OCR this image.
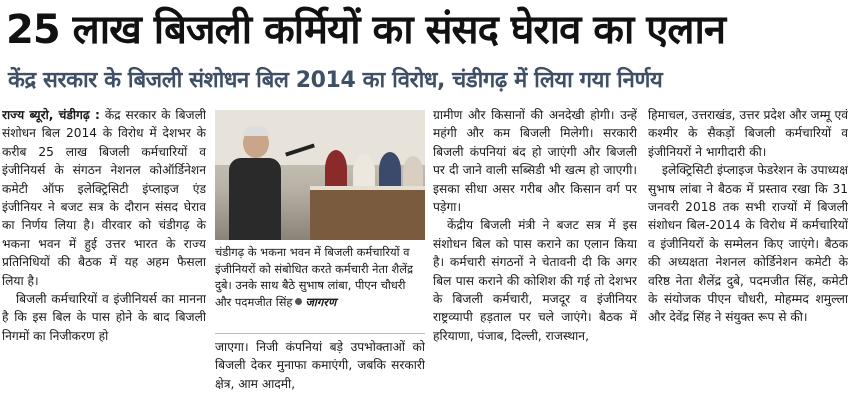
25 लाख बिजली कर्मियों का संसद घेराव का एलान
केंद्र सरकार के बिजली संशोधन बिल 2014 का विरोध, चंडीगढ़ में लिया गया निर्णय

राज्य ब्यूरो, चंडीगढ़ : केंद्र सरकार के बिजली संशोधन बिल 2014 के विरोध में देशभर के करीब 25 लाख बिजली कर्मचारियों व इंजीनियर्स के संगठन नेशनल कोऑर्डिनेशन कमेटी ऑफ इलेक्ट्रिसिटी इंप्लाइज एंड इंजीनियर ने बजट सत्र के दौरान संसद घेराव का निर्णय लिया है। वीरवार को चंडीगढ़ के भकना भवन में हुई उत्तर भारत के राज्य प्रतिनिधियों की बैठक में यह अहम फैसला लिया है।

बिजली कर्मचारियों व इंजीनियर्स का मानना है कि इस बिल के पास होने के बाद बिजली निगमों का निजीकरण हो

चंडीगढ़ के भकना भवन में बिजली कर्मचारियों व इंजीनियरों को संबोधित करते कर्मचारी नेता शैलेंद्र दुबे। उनके साथ बैठे सुभाष लांबा, पीएन चौधरी और पदमजीत सिंह जागरण

जाएगा। निजी कंपनियां बड़े उपभोक्ताओं को बिजली देकर मुनाफा कमाएंगी, जबकि सरकारी क्षेत्र, आम आदमी,

ग्रामीण और किसानों की अनदेखी होगी। उन्हें महंगी और कम बिजली मिलेगी। सरकारी बिजली कंपनियां बंद हो जाएंगी और बिजली पर दी जाने वाली सब्सिडी भी खत्म हो जाएगी। इसका सीधा असर गरीब और किसान वर्ग पर पड़ेगा।

केंद्रीय बिजली मंत्री ने बजट सत्र में इस संशोधन बिल को पास कराने का एलान किया है। कर्मचारी संगठनों ने चेतावनी दी कि अगर बिल पास कराने की कोशिश की गई तो देशभर के बिजली कर्मचारी, मजदूर व इंजीनियर राष्ट्रव्यापी हड़ताल पर चले जाएंगे। बैठक में हरियाणा, पंजाब, दिल्ली, राजस्थान,

हिमाचल, उत्तराखंड, उत्तर प्रदेश और जम्मू एवं कश्मीर के सैकड़ों बिजली कर्मचारियों व इंजीनियरों ने भागीदारी की।

इलेक्ट्रिसिटी इंप्लाइज फेडरेशन के उपाध्यक्ष सुभाष लांबा ने बैठक में प्रस्ताव रखा कि 31 जनवरी 2018 तक सभी राज्यों में बिजली संशोधन बिल-2014 के विरोध में कर्मचारियों व इंजीनियरों के सम्मेलन किए जाएंगे। बैठक की अध्यक्षता नेशनल कोर्डिनेशन कमेटी के वरिष्ठ नेता शैलेंद्र दुबे, पदमजीत सिंह, कमेटी के संयोजक पीएन चौधरी, मोहम्मद शमुल्ला और देवेंद्र सिंह ने संयुक्त रूप से की।
